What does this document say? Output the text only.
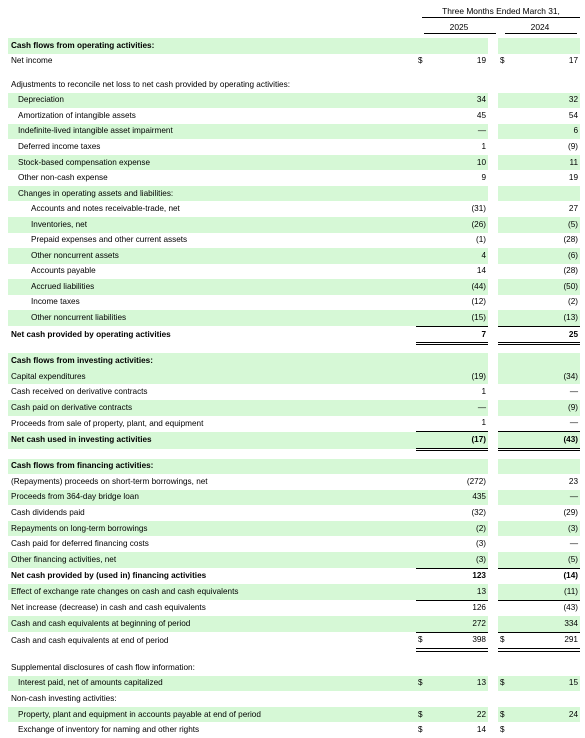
Three Months Ended March 31,
2025	2024
Cash flows from operating activities:					
Net income	$	19		$	17

Adjustments to reconcile net loss to net cash provided by operating activities:					
Depreciation		34			32
Amortization of intangible assets		45			54
Indefinite-lived intangible asset impairment		—			6
Deferred income taxes		1			(9)
Stock-based compensation expense		10			11
Other non-cash expense		9			19
Changes in operating assets and liabilities:					
Accounts and notes receivable-trade, net		(31)			27
Inventories, net		(26)			(5)
Prepaid expenses and other current assets		(1)			(28)
Other noncurrent assets		4			(6)
Accounts payable		14			(28)
Accrued liabilities		(44)			(50)
Income taxes		(12)			(2)
Other noncurrent liabilities		(15)			(13)
Net cash provided by operating activities		7			25

Cash flows from investing activities:					
Capital expenditures		(19)			(34)
Cash received on derivative contracts		1			—
Cash paid on derivative contracts		—			(9)
Proceeds from sale of property, plant, and equipment		1			—
Net cash used in investing activities		(17)			(43)

Cash flows from financing activities:					
(Repayments) proceeds on short-term borrowings, net		(272)			23
Proceeds from 364-day bridge loan		435			—
Cash dividends paid		(32)			(29)
Repayments on long-term borrowings		(2)			(3)
Cash paid for deferred financing costs		(3)			—
Other financing activities, net		(3)			(5)
Net cash provided by (used in) financing activities		123			(14)
Effect of exchange rate changes on cash and cash equivalents		13			(11)
Net increase (decrease) in cash and cash equivalents		126			(43)
Cash and cash equivalents at beginning of period		272			334
Cash and cash equivalents at end of period	$	398		$	291

Supplemental disclosures of cash flow information:					
Interest paid, net of amounts capitalized	$	13		$	15
Non-cash investing activities:					
Property, plant and equipment in accounts payable at end of period	$	22		$	24
Exchange of inventory for naming and other rights	$	14		$	
